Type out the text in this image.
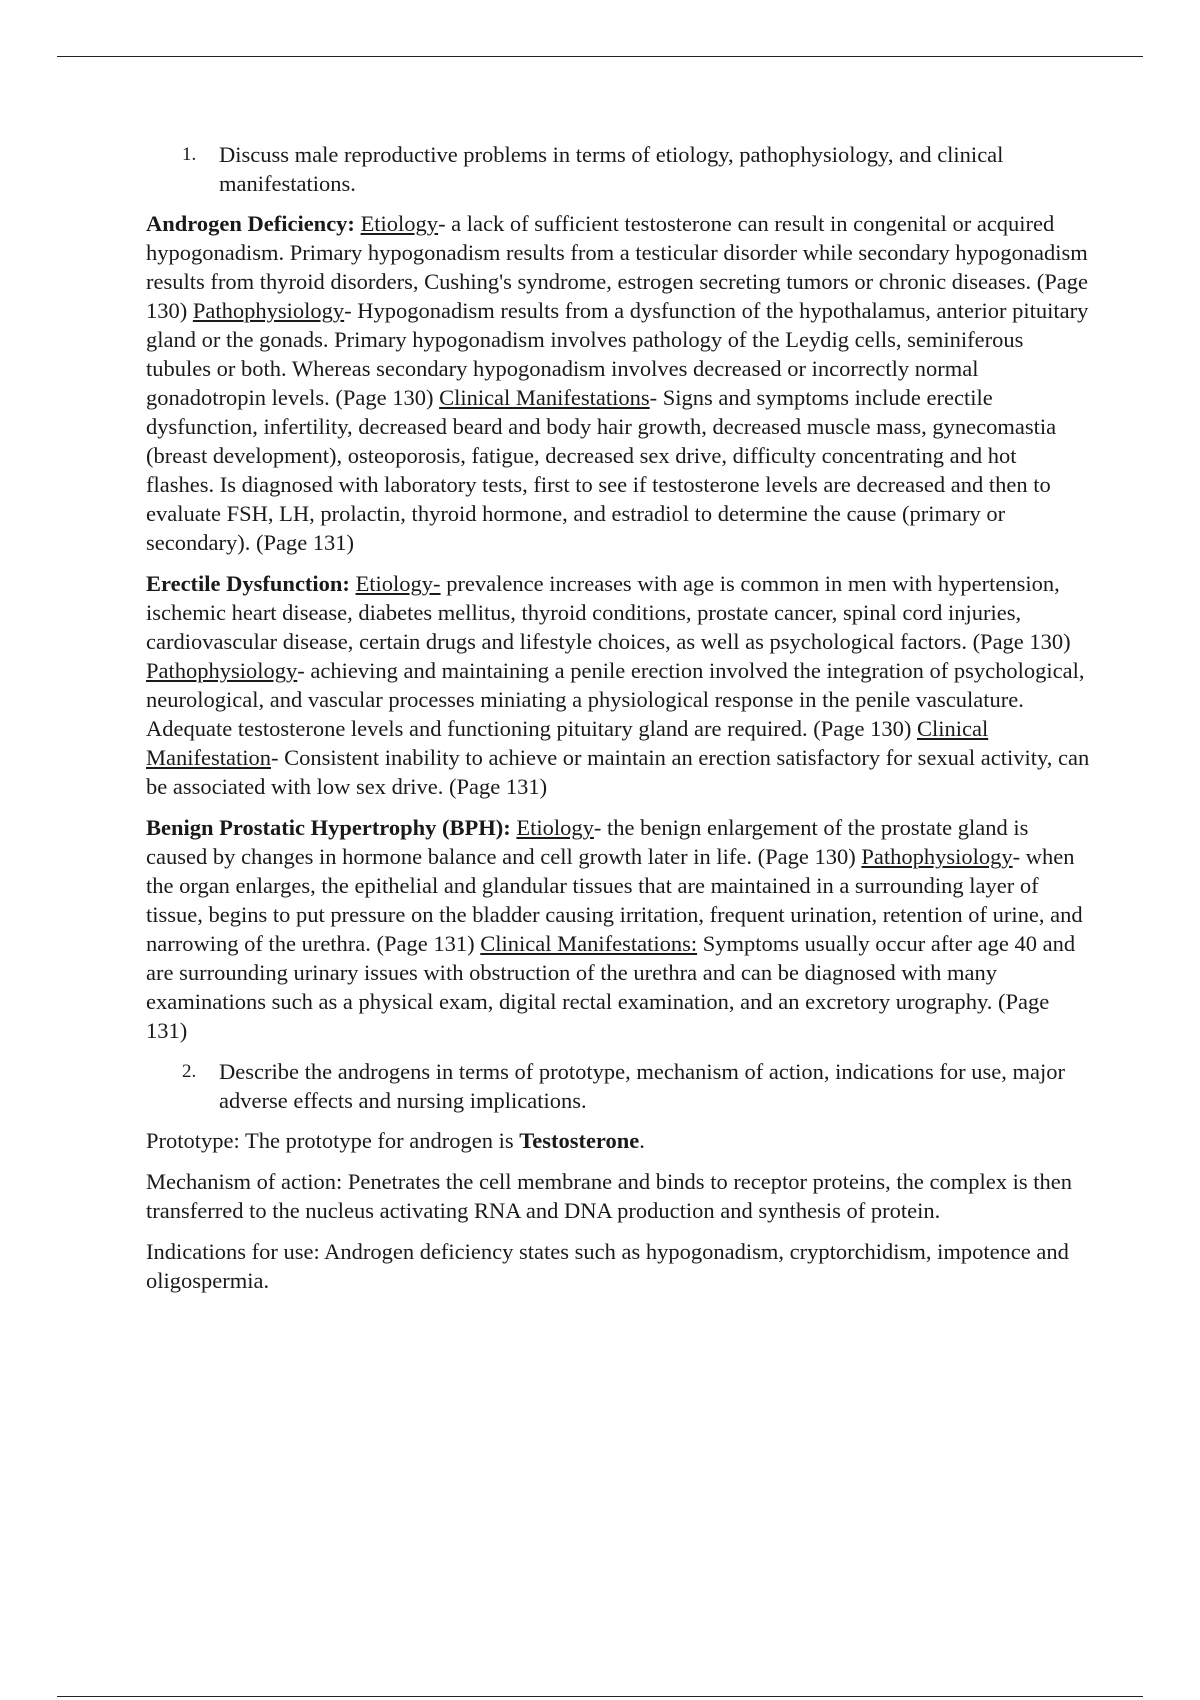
1.	Discuss male reproductive problems in terms of etiology, pathophysiology, and clinical manifestations.

Androgen Deficiency: Etiology- a lack of sufficient testosterone can result in congenital or acquired hypogonadism. Primary hypogonadism results from a testicular disorder while secondary hypogonadism results from thyroid disorders, Cushing's syndrome, estrogen secreting tumors or chronic diseases. (Page 130) Pathophysiology- Hypogonadism results from a dysfunction of the hypothalamus, anterior pituitary gland or the gonads. Primary hypogonadism involves pathology of the Leydig cells, seminiferous tubules or both. Whereas secondary hypogonadism involves decreased or incorrectly normal gonadotropin levels. (Page 130) Clinical Manifestations- Signs and symptoms include erectile dysfunction, infertility, decreased beard and body hair growth, decreased muscle mass, gynecomastia (breast development), osteoporosis, fatigue, decreased sex drive, difficulty concentrating and hot flashes. Is diagnosed with laboratory tests, first to see if testosterone levels are decreased and then to evaluate FSH, LH, prolactin, thyroid hormone, and estradiol to determine the cause (primary or secondary). (Page 131)

Erectile Dysfunction: Etiology- prevalence increases with age is common in men with hypertension, ischemic heart disease, diabetes mellitus, thyroid conditions, prostate cancer, spinal cord injuries, cardiovascular disease, certain drugs and lifestyle choices, as well as psychological factors. (Page 130) Pathophysiology- achieving and maintaining a penile erection involved the integration of psychological, neurological, and vascular processes miniating a physiological response in the penile vasculature. Adequate testosterone levels and functioning pituitary gland are required. (Page 130) Clinical Manifestation- Consistent inability to achieve or maintain an erection satisfactory for sexual activity, can be associated with low sex drive. (Page 131)

Benign Prostatic Hypertrophy (BPH): Etiology- the benign enlargement of the prostate gland is caused by changes in hormone balance and cell growth later in life. (Page 130) Pathophysiology- when the organ enlarges, the epithelial and glandular tissues that are maintained in a surrounding layer of tissue, begins to put pressure on the bladder causing irritation, frequent urination, retention of urine, and narrowing of the urethra. (Page 131) Clinical Manifestations: Symptoms usually occur after age 40 and are surrounding urinary issues with obstruction of the urethra and can be diagnosed with many examinations such as a physical exam, digital rectal examination, and an excretory urography. (Page 131)

2.	Describe the androgens in terms of prototype, mechanism of action, indications for use, major adverse effects and nursing implications.

Prototype: The prototype for androgen is Testosterone.

Mechanism of action: Penetrates the cell membrane and binds to receptor proteins, the complex is then transferred to the nucleus activating RNA and DNA production and synthesis of protein.

Indications for use: Androgen deficiency states such as hypogonadism, cryptorchidism, impotence and oligospermia.
